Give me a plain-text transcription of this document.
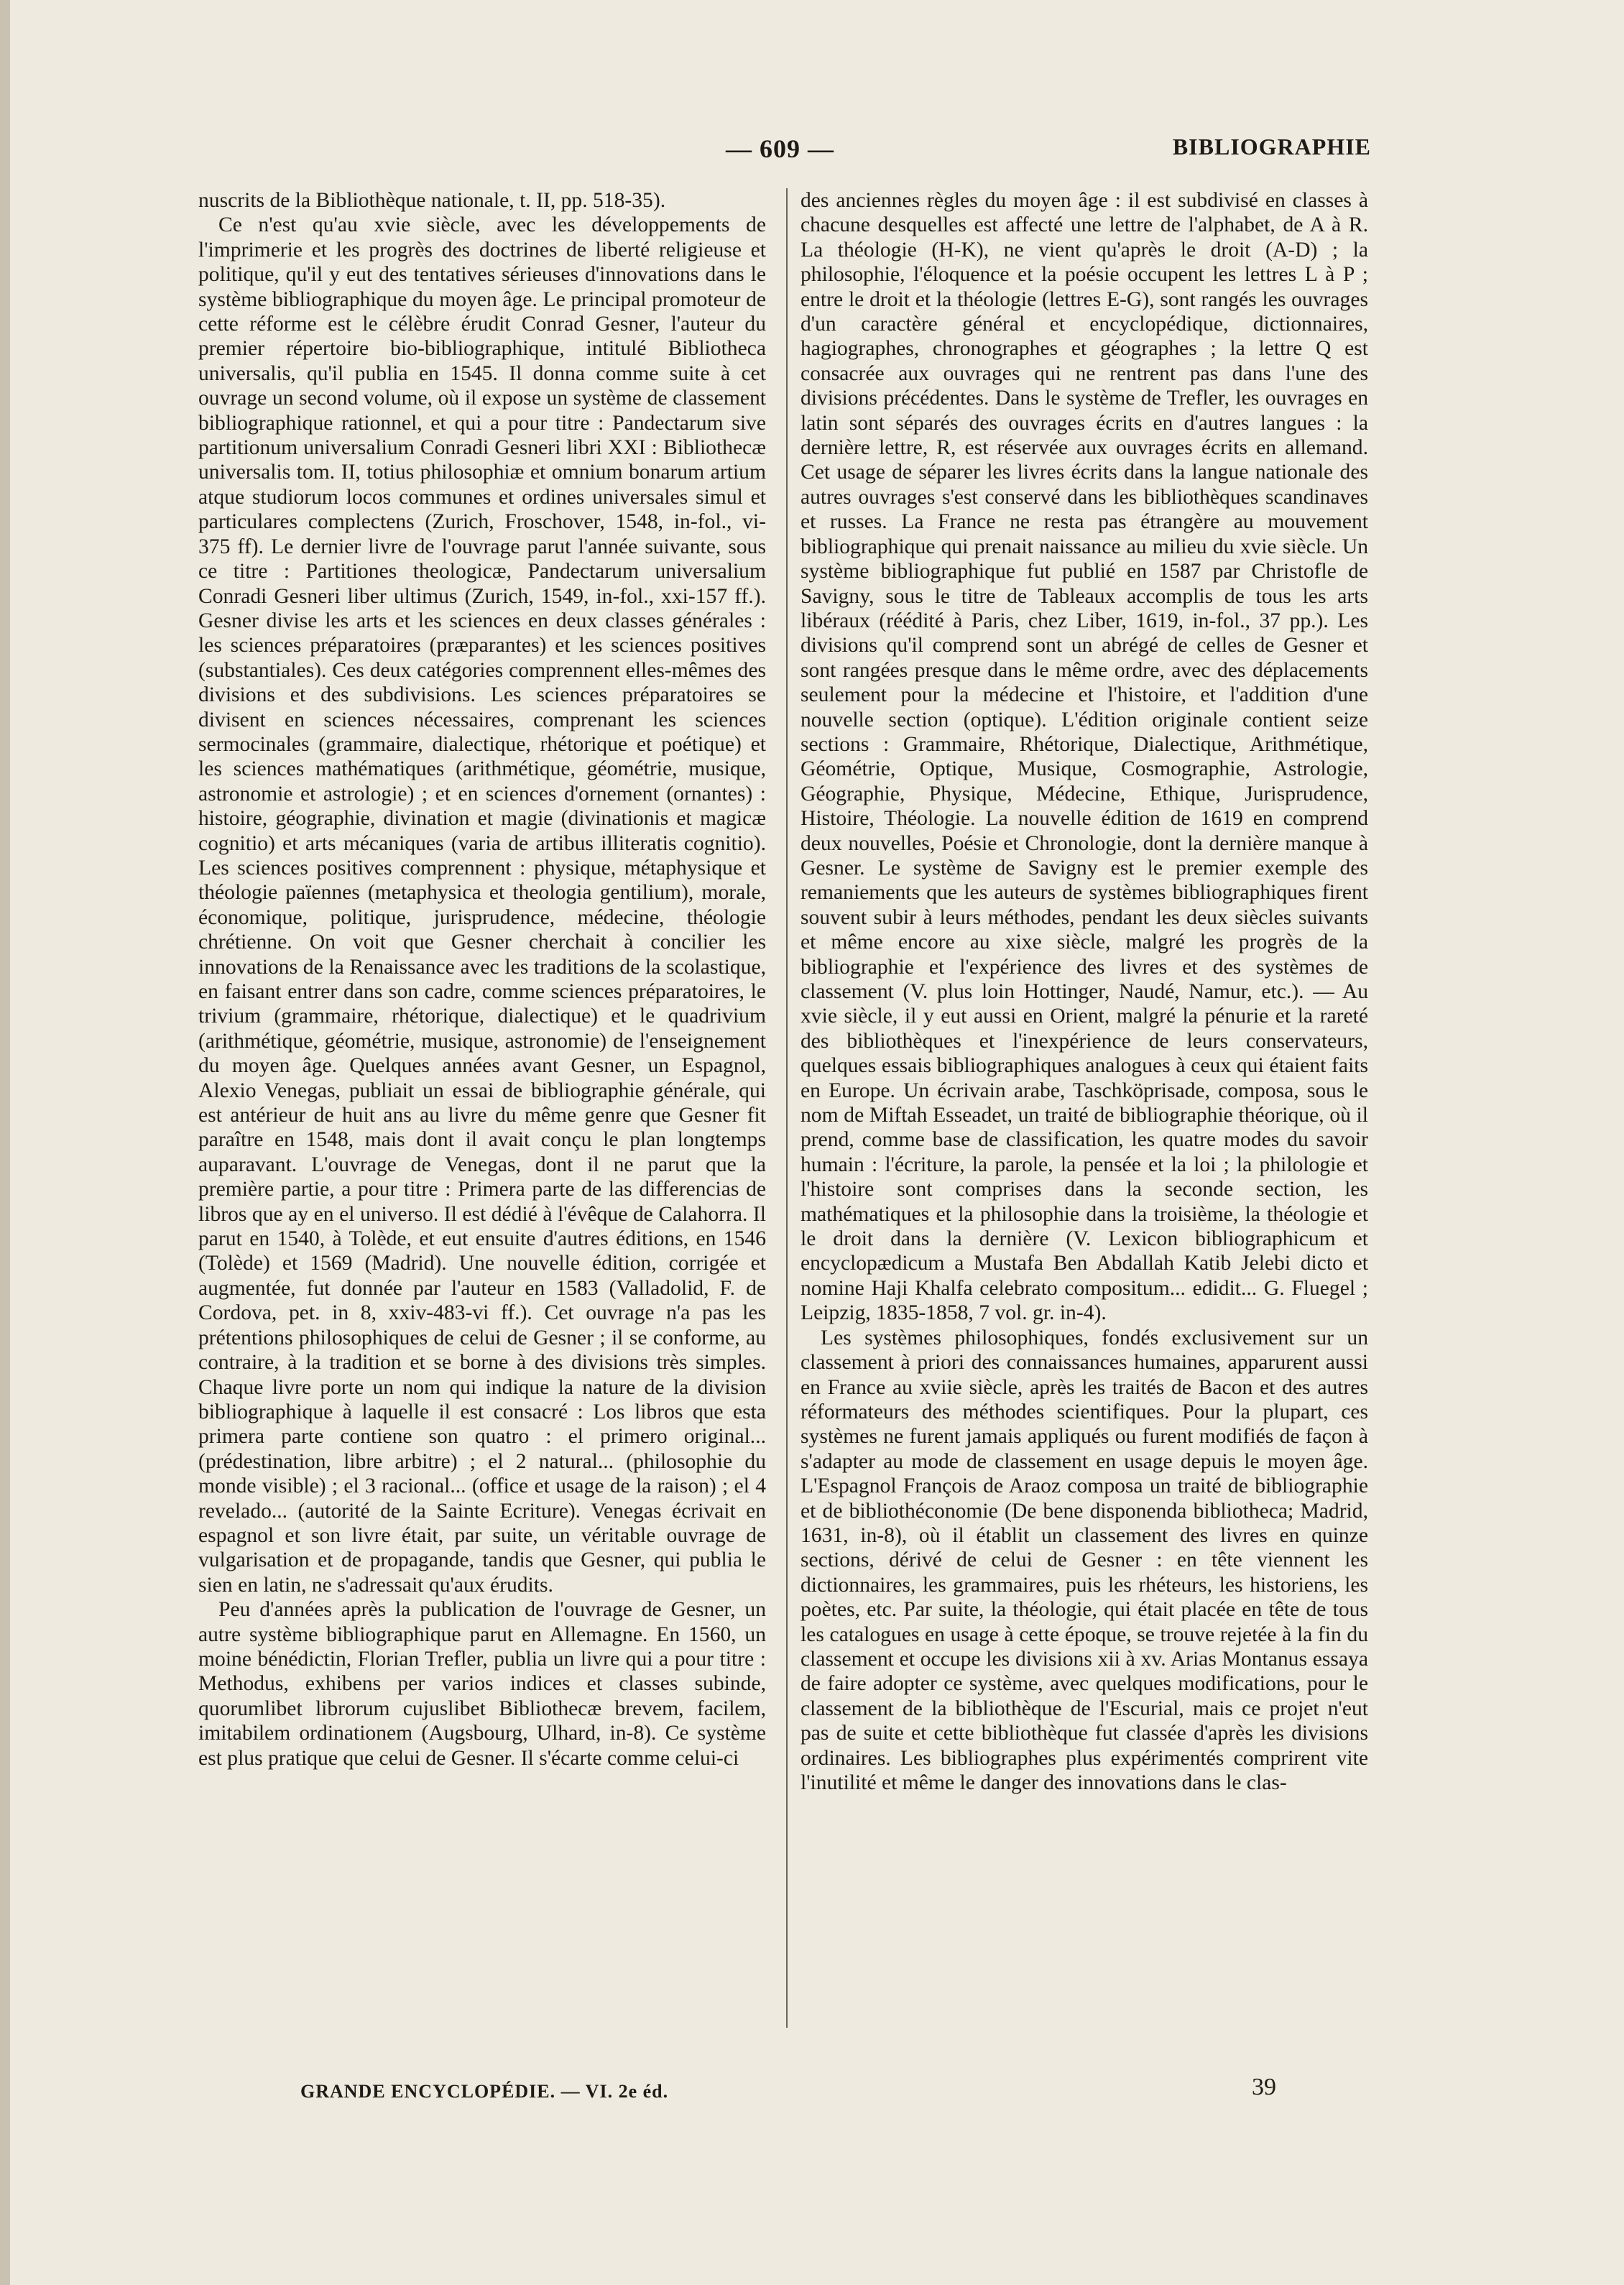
— 609 —	BIBLIOGRAPHIE

nuscrits de la Bibliothèque nationale, t. II, pp. 518-35).

Ce n'est qu'au xvie siècle, avec les développements de l'imprimerie et les progrès des doctrines de liberté religieuse et politique, qu'il y eut des tentatives sérieuses d'innovations dans le système bibliographique du moyen âge. Le principal promoteur de cette réforme est le célèbre érudit Conrad Gesner, l'auteur du premier répertoire bio-bibliographique, intitulé Bibliotheca universalis, qu'il publia en 1545. Il donna comme suite à cet ouvrage un second volume, où il expose un système de classement bibliographique rationnel, et qui a pour titre : Pandectarum sive partitionum universalium Conradi Gesneri libri XXI : Bibliothecæ universalis tom. II, totius philosophiæ et omnium bonarum artium atque studiorum locos communes et ordines universales simul et particulares complectens (Zurich, Froschover, 1548, in-fol., vi-375 ff). Le dernier livre de l'ouvrage parut l'année suivante, sous ce titre : Partitiones theologicæ, Pandectarum universalium Conradi Gesneri liber ultimus (Zurich, 1549, in-fol., xxi-157 ff.). Gesner divise les arts et les sciences en deux classes générales : les sciences préparatoires (præparantes) et les sciences positives (substantiales). Ces deux catégories comprennent elles-mêmes des divisions et des subdivisions. Les sciences préparatoires se divisent en sciences nécessaires, comprenant les sciences sermocinales (grammaire, dialectique, rhétorique et poétique) et les sciences mathématiques (arithmétique, géométrie, musique, astronomie et astrologie) ; et en sciences d'ornement (ornantes) : histoire, géographie, divination et magie (divinationis et magicæ cognitio) et arts mécaniques (varia de artibus illiteratis cognitio). Les sciences positives comprennent : physique, métaphysique et théologie païennes (metaphysica et theologia gentilium), morale, économique, politique, jurisprudence, médecine, théologie chrétienne. On voit que Gesner cherchait à concilier les innovations de la Renaissance avec les traditions de la scolastique, en faisant entrer dans son cadre, comme sciences préparatoires, le trivium (grammaire, rhétorique, dialectique) et le quadrivium (arithmétique, géométrie, musique, astronomie) de l'enseignement du moyen âge. Quelques années avant Gesner, un Espagnol, Alexio Venegas, publiait un essai de bibliographie générale, qui est antérieur de huit ans au livre du même genre que Gesner fit paraître en 1548, mais dont il avait conçu le plan longtemps auparavant. L'ouvrage de Venegas, dont il ne parut que la première partie, a pour titre : Primera parte de las differencias de libros que ay en el universo. Il est dédié à l'évêque de Calahorra. Il parut en 1540, à Tolède, et eut ensuite d'autres éditions, en 1546 (Tolède) et 1569 (Madrid). Une nouvelle édition, corrigée et augmentée, fut donnée par l'auteur en 1583 (Valladolid, F. de Cordova, pet. in 8, xxiv-483-vi ff.). Cet ouvrage n'a pas les prétentions philosophiques de celui de Gesner ; il se conforme, au contraire, à la tradition et se borne à des divisions très simples. Chaque livre porte un nom qui indique la nature de la division bibliographique à laquelle il est consacré : Los libros que esta primera parte contiene son quatro : el primero original... (prédestination, libre arbitre) ; el 2 natural... (philosophie du monde visible) ; el 3 racional... (office et usage de la raison) ; el 4 revelado... (autorité de la Sainte Ecriture). Venegas écrivait en espagnol et son livre était, par suite, un véritable ouvrage de vulgarisation et de propagande, tandis que Gesner, qui publia le sien en latin, ne s'adressait qu'aux érudits.

Peu d'années après la publication de l'ouvrage de Gesner, un autre système bibliographique parut en Allemagne. En 1560, un moine bénédictin, Florian Trefler, publia un livre qui a pour titre : Methodus, exhibens per varios indices et classes subinde, quorumlibet librorum cujuslibet Bibliothecæ brevem, facilem, imitabilem ordinationem (Augsbourg, Ulhard, in-8). Ce système est plus pratique que celui de Gesner. Il s'écarte comme celui-ci

des anciennes règles du moyen âge : il est subdivisé en classes à chacune desquelles est affecté une lettre de l'alphabet, de A à R. La théologie (H-K), ne vient qu'après le droit (A-D) ; la philosophie, l'éloquence et la poésie occupent les lettres L à P ; entre le droit et la théologie (lettres E-G), sont rangés les ouvrages d'un caractère général et encyclopédique, dictionnaires, hagiographes, chronographes et géographes ; la lettre Q est consacrée aux ouvrages qui ne rentrent pas dans l'une des divisions précédentes. Dans le système de Trefler, les ouvrages en latin sont séparés des ouvrages écrits en d'autres langues : la dernière lettre, R, est réservée aux ouvrages écrits en allemand. Cet usage de séparer les livres écrits dans la langue nationale des autres ouvrages s'est conservé dans les bibliothèques scandinaves et russes. La France ne resta pas étrangère au mouvement bibliographique qui prenait naissance au milieu du xvie siècle. Un système bibliographique fut publié en 1587 par Christofle de Savigny, sous le titre de Tableaux accomplis de tous les arts libéraux (réédité à Paris, chez Liber, 1619, in-fol., 37 pp.). Les divisions qu'il comprend sont un abrégé de celles de Gesner et sont rangées presque dans le même ordre, avec des déplacements seulement pour la médecine et l'histoire, et l'addition d'une nouvelle section (optique). L'édition originale contient seize sections : Grammaire, Rhétorique, Dialectique, Arithmétique, Géométrie, Optique, Musique, Cosmographie, Astrologie, Géographie, Physique, Médecine, Ethique, Jurisprudence, Histoire, Théologie. La nouvelle édition de 1619 en comprend deux nouvelles, Poésie et Chronologie, dont la dernière manque à Gesner. Le système de Savigny est le premier exemple des remaniements que les auteurs de systèmes bibliographiques firent souvent subir à leurs méthodes, pendant les deux siècles suivants et même encore au xixe siècle, malgré les progrès de la bibliographie et l'expérience des livres et des systèmes de classement (V. plus loin Hottinger, Naudé, Namur, etc.). — Au xvie siècle, il y eut aussi en Orient, malgré la pénurie et la rareté des bibliothèques et l'inexpérience de leurs conservateurs, quelques essais bibliographiques analogues à ceux qui étaient faits en Europe. Un écrivain arabe, Taschköprisade, composa, sous le nom de Miftah Esseadet, un traité de bibliographie théorique, où il prend, comme base de classification, les quatre modes du savoir humain : l'écriture, la parole, la pensée et la loi ; la philologie et l'histoire sont comprises dans la seconde section, les mathématiques et la philosophie dans la troisième, la théologie et le droit dans la dernière (V. Lexicon bibliographicum et encyclopædicum a Mustafa Ben Abdallah Katib Jelebi dicto et nomine Haji Khalfa celebrato compositum... edidit... G. Fluegel ; Leipzig, 1835-1858, 7 vol. gr. in-4).

Les systèmes philosophiques, fondés exclusivement sur un classement à priori des connaissances humaines, apparurent aussi en France au xviie siècle, après les traités de Bacon et des autres réformateurs des méthodes scientifiques. Pour la plupart, ces systèmes ne furent jamais appliqués ou furent modifiés de façon à s'adapter au mode de classement en usage depuis le moyen âge. L'Espagnol François de Araoz composa un traité de bibliographie et de bibliothéconomie (De bene disponenda bibliotheca; Madrid, 1631, in-8), où il établit un classement des livres en quinze sections, dérivé de celui de Gesner : en tête viennent les dictionnaires, les grammaires, puis les rhéteurs, les historiens, les poètes, etc. Par suite, la théologie, qui était placée en tête de tous les catalogues en usage à cette époque, se trouve rejetée à la fin du classement et occupe les divisions xii à xv. Arias Montanus essaya de faire adopter ce système, avec quelques modifications, pour le classement de la bibliothèque de l'Escurial, mais ce projet n'eut pas de suite et cette bibliothèque fut classée d'après les divisions ordinaires. Les bibliographes plus expérimentés comprirent vite l'inutilité et même le danger des innovations dans le clas-

GRANDE ENCYCLOPÉDIE. — VI. 2e éd.	39
